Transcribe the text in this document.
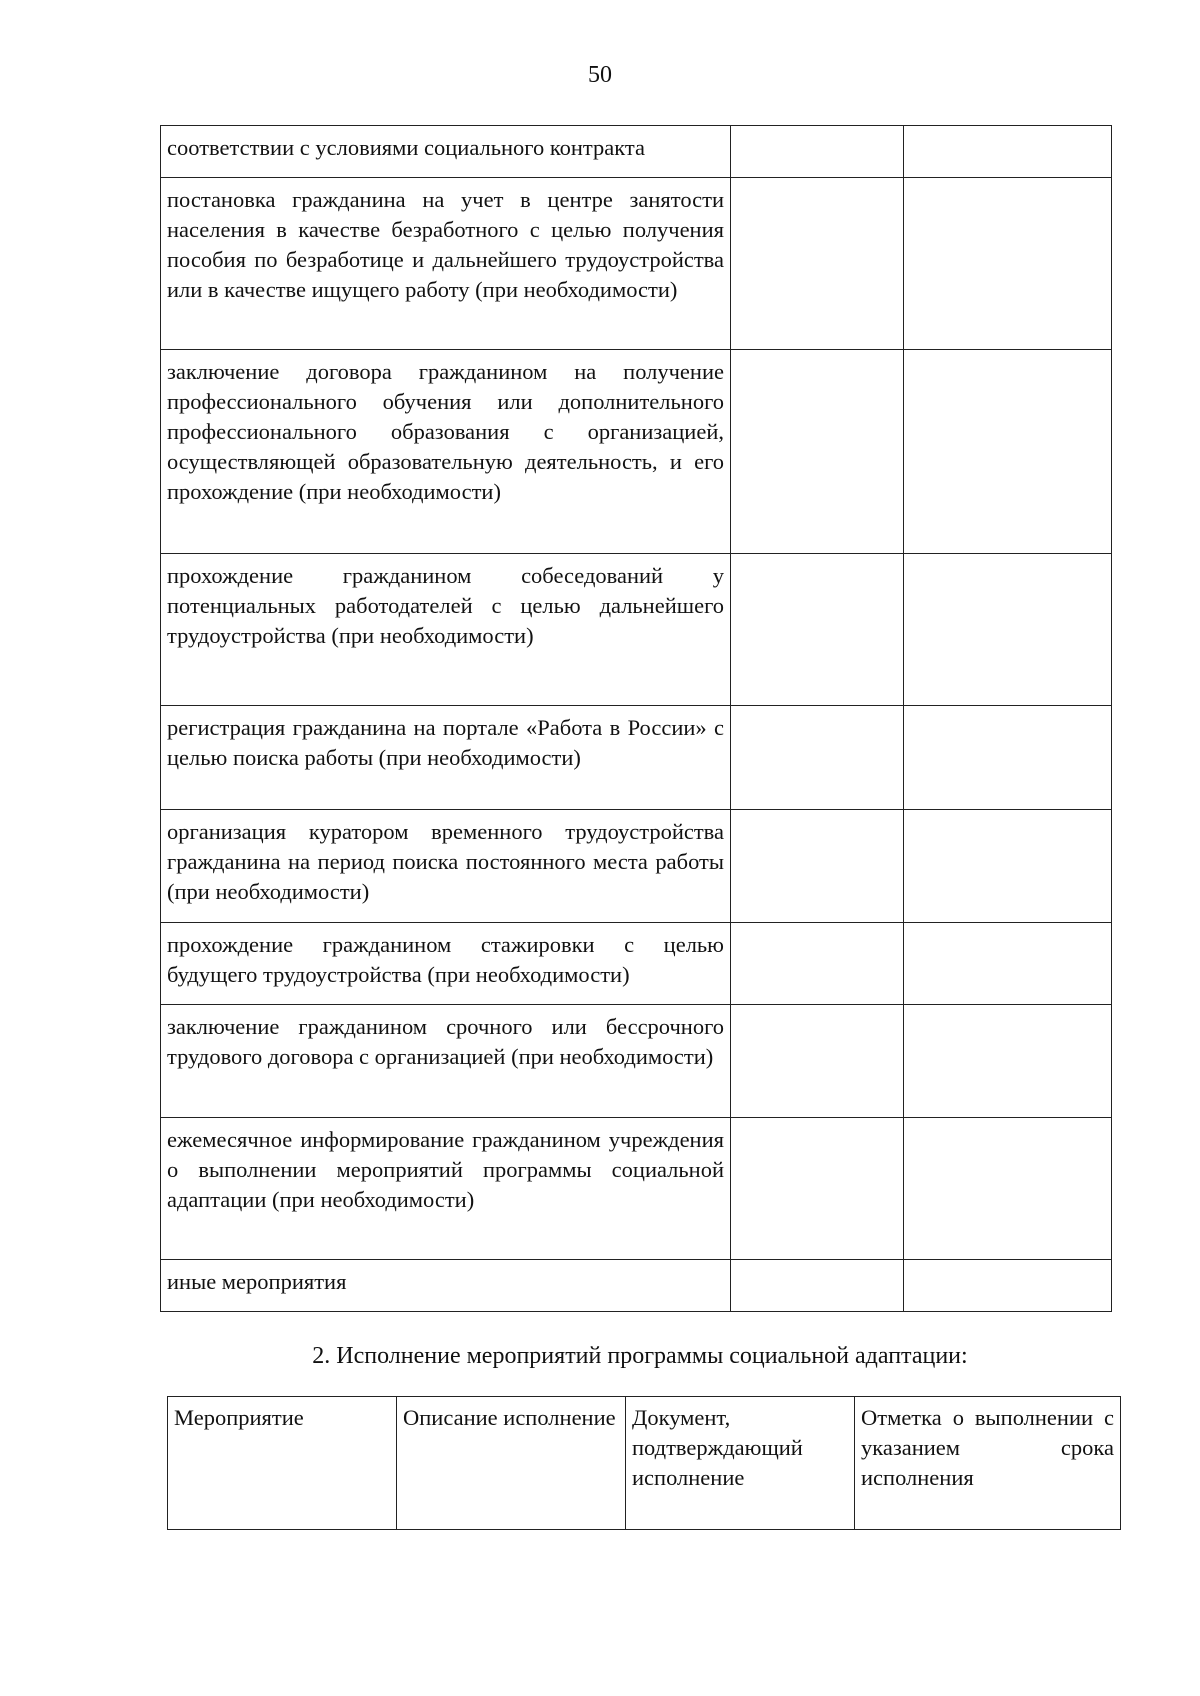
50
соответствии с условиями социального контракта		
постановка гражданина на учет в центре занятости населения в качестве безработного с целью получения пособия по безработице и дальнейшего трудоустройства или в качестве ищущего работу (при необходимости)		
заключение договора гражданином на получение профессионального обучения или дополнительного профессионального образования с организацией, осуществляющей образовательную деятельность, и его прохождение (при необходимости)		
прохождение гражданином собеседований у потенциальных работодателей с целью дальнейшего трудоустройства (при необходимости)		
регистрация гражданина на портале «Работа в России» с целью поиска работы (при необходимости)		
организация куратором временного трудоустройства гражданина на период поиска постоянного места работы (при необходимости)		
прохождение гражданином стажировки с целью будущего трудоустройства (при необходимости)		
заключение гражданином срочного или бессрочного трудового договора с организацией (при необходимости)		
ежемесячное информирование гражданином учреждения о выполнении мероприятий программы социальной адаптации (при необходимости)		
иные мероприятия		
2. Исполнение мероприятий программы социальной адаптации:
Мероприятие	Описание исполнение	Документ, подтверждающий исполнение	Отметка о выполнении с указанием срока исполнения
